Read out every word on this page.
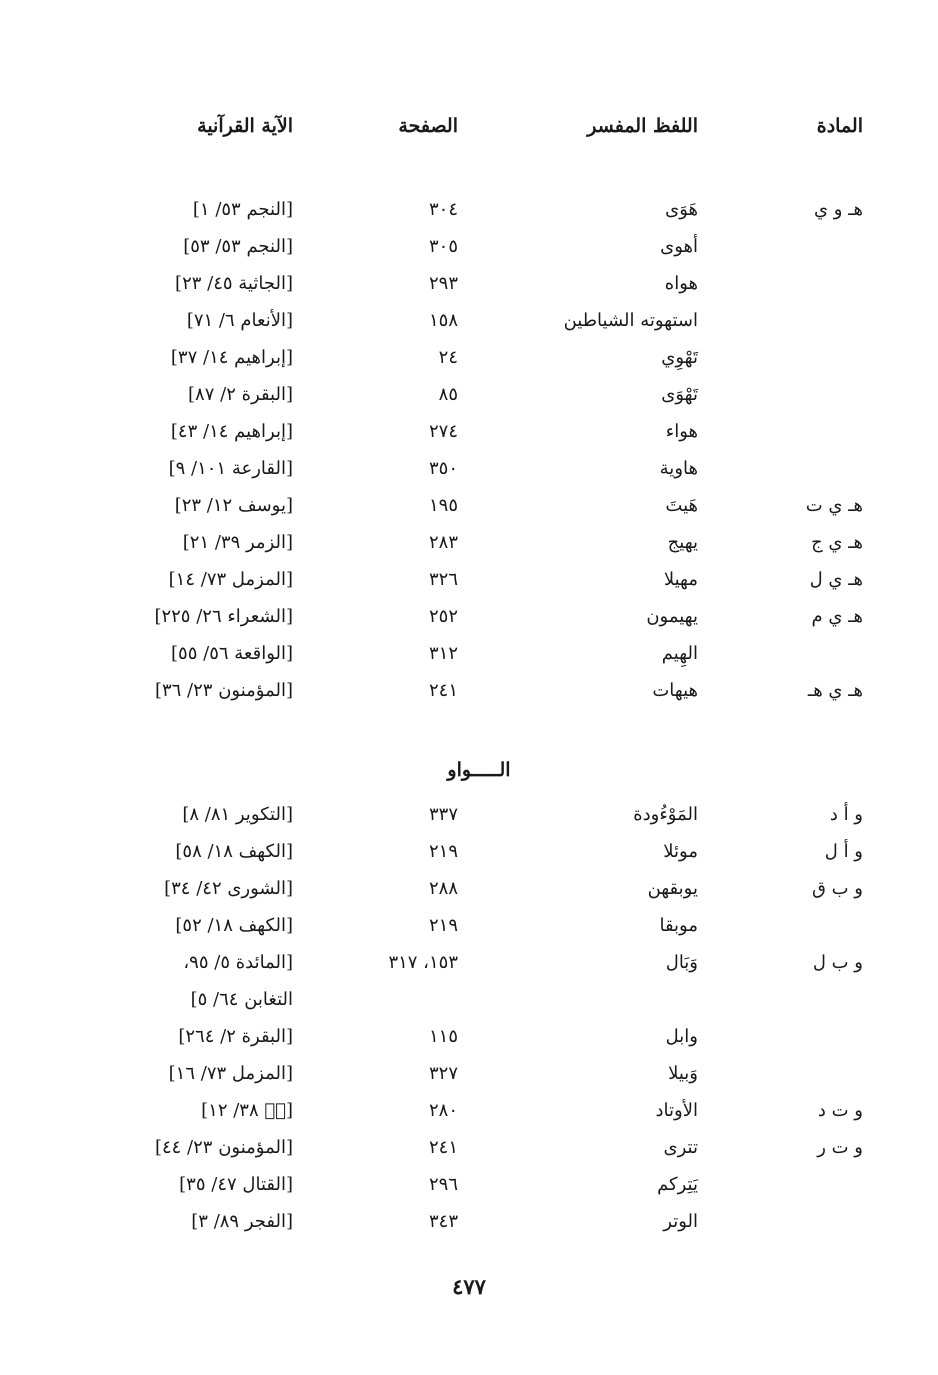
المادة
اللفظ المفسر
الصفحة
الآية القرآنية
هـ و ي
هَوَى
٣٠٤
[النجم ٥٣/ ١]
أهوى
٣٠٥
[النجم ٥٣/ ٥٣]
هواه
٢٩٣
[الجاثية ٤٥/ ٢٣]
استهوته الشياطين
١٥٨
[الأنعام ٦/ ٧١]
تَهْوِي
٢٤
[إبراهيم ١٤/ ٣٧]
تَهْوَى
٨٥
[البقرة ٢/ ٨٧]
هواء
٢٧٤
[إبراهيم ١٤/ ٤٣]
هاوية
٣٥٠
[القارعة ١٠١/ ٩]
هـ ي ت
هَيتَ
١٩٥
[يوسف ١٢/ ٢٣]
هـ ي ج
يهيج
٢٨٣
[الزمر ٣٩/ ٢١]
هـ ي ل
مهيلا
٣٢٦
[المزمل ٧٣/ ١٤]
هـ ي م
يهيمون
٢٥٢
[الشعراء ٢٦/ ٢٢٥]
الهِيم
٣١٢
[الواقعة ٥٦/ ٥٥]
هـ ي هـ
هيهات
٢٤١
[المؤمنون ٢٣/ ٣٦]
و أ د
المَوْءُودة
٣٣٧
[التكوير ٨١/ ٨]
و أ ل
موئلا
٢١٩
[الكهف ١٨/ ٥٨]
و ب ق
يوبقهن
٢٨٨
[الشورى ٤٢/ ٣٤]
موبقا
٢١٩
[الكهف ١٨/ ٥٢]
و ب ل
وَبَال
١٥٣، ٣١٧
[المائدة ٥/ ٩٥،
التغابن ٦٤/ ٥]
وابل
١١٥
[البقرة ٢/ ٢٦٤]
وَبيلا
٣٢٧
[المزمل ٧٣/ ١٦]
و ت د
الأوتاد
٢٨٠
[صۤ ٣٨/ ١٢]
و ت ر
تترى
٢٤١
[المؤمنون ٢٣/ ٤٤]
يَتِركم
٢٩٦
[القتال ٤٧/ ٣٥]
الوتر
٣٤٣
[الفجر ٨٩/ ٣]
الـــــواو
٤٧٧
